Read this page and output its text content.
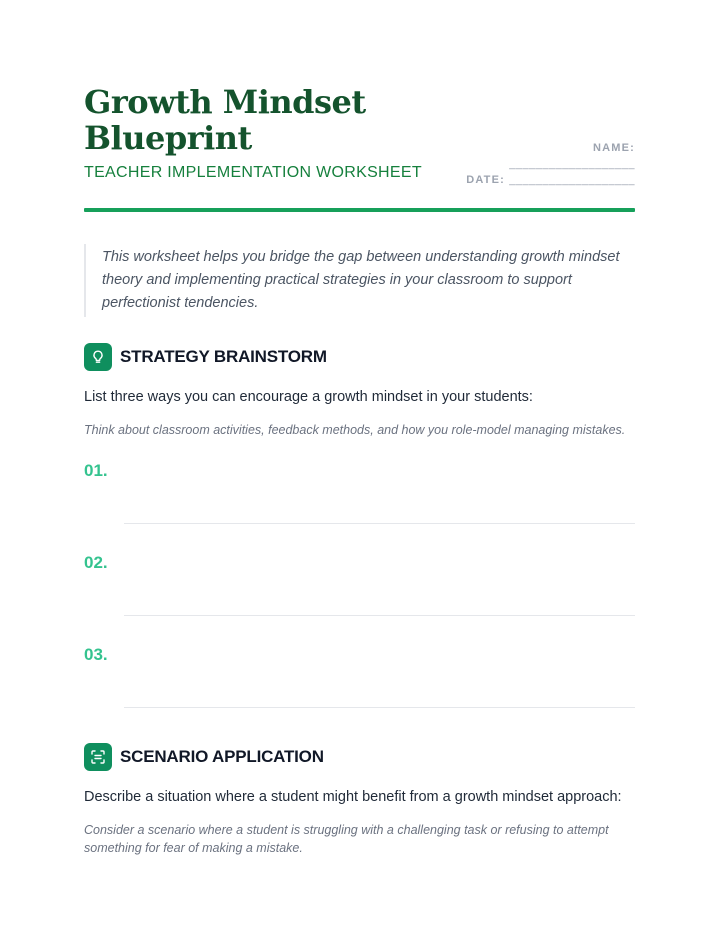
Growth Mindset Blueprint
TEACHER IMPLEMENTATION WORKSHEET
NAME:
___________________
DATE: ___________________
This worksheet helps you bridge the gap between understanding growth mindset theory and implementing practical strategies in your classroom to support perfectionist tendencies.
STRATEGY BRAINSTORM
List three ways you can encourage a growth mindset in your students:
Think about classroom activities, feedback methods, and how you role-model managing mistakes.
01.
02.
03.
SCENARIO APPLICATION
Describe a situation where a student might benefit from a growth mindset approach:
Consider a scenario where a student is struggling with a challenging task or refusing to attempt something for fear of making a mistake.
